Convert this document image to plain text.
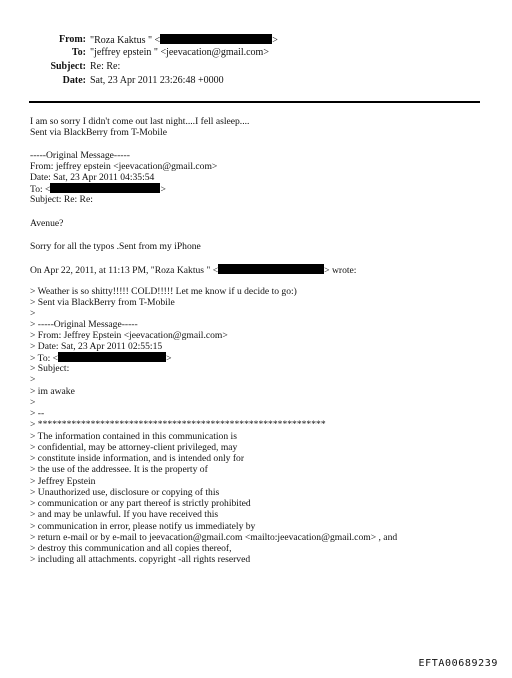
From: "Roza Kaktus " <	>
To: "jeffrey epstein " <jeevacation@gmail.com>
Subject: Re: Re:
Date: Sat, 23 Apr 2011 23:26:48 +0000
I am so sorry I didn't come out last night....I fell asleep....
Sent via BlackBerry from T-Mobile
-----Original Message-----
From: jeffrey epstein <jeevacation@gmail.com>
Date: Sat, 23 Apr 2011 04:35:54
To: <	>
Subject: Re: Re:
Avenue?
Sorry for all the typos .Sent from my iPhone
On Apr 22, 2011, at 11:13 PM, "Roza Kaktus " <	> wrote:
> Weather is so shitty!!!!! COLD!!!!! Let me know if u decide to go:)
> Sent via BlackBerry from T-Mobile
>
> -----Original Message-----
> From: Jeffrey Epstein <jeevacation@gmail.com>
> Date: Sat, 23 Apr 2011 02:55:15
> To: <	>
> Subject:
>
> im awake
>
> --
> ************************************************************
> The information contained in this communication is
> confidential, may be attorney-client privileged, may
> constitute inside information, and is intended only for
> the use of the addressee. It is the property of
> Jeffrey Epstein
> Unauthorized use, disclosure or copying of this
> communication or any part thereof is strictly prohibited
> and may be unlawful. If you have received this
> communication in error, please notify us immediately by
> return e-mail or by e-mail to jeevacation@gmail.com <mailto:jeevacation@gmail.com> , and
> destroy this communication and all copies thereof,
> including all attachments. copyright -all rights reserved
EFTA00689239
